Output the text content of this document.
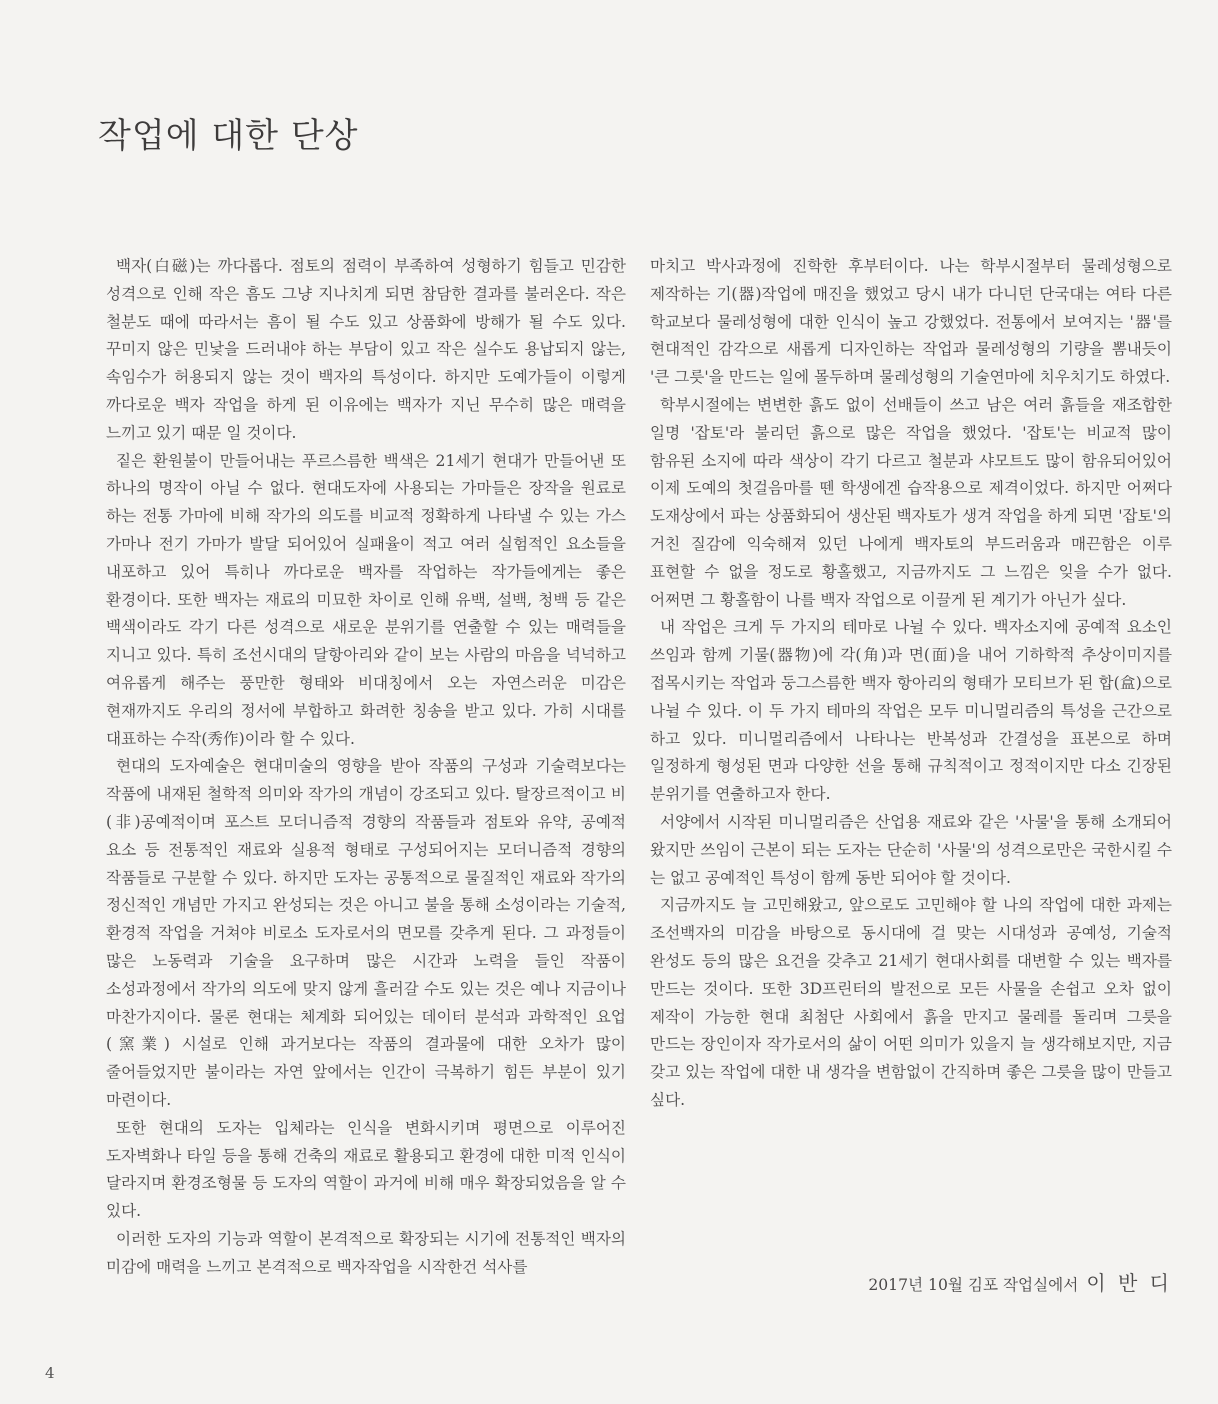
작업에 대한 단상

백자(白磁)는 까다롭다. 점토의 점력이 부족하여 성형하기 힘들고 민감한 성격으로 인해 작은 흠도 그냥 지나치게 되면 참담한 결과를 불러온다. 작은 철분도 때에 따라서는 흠이 될 수도 있고 상품화에 방해가 될 수도 있다. 꾸미지 않은 민낯을 드러내야 하는 부담이 있고 작은 실수도 용납되지 않는, 속임수가 허용되지 않는 것이 백자의 특성이다. 하지만 도예가들이 이렇게 까다로운 백자 작업을 하게 된 이유에는 백자가 지닌 무수히 많은 매력을 느끼고 있기 때문 일 것이다.

짙은 환원불이 만들어내는 푸르스름한 백색은 21세기 현대가 만들어낸 또 하나의 명작이 아닐 수 없다. 현대도자에 사용되는 가마들은 장작을 원료로 하는 전통 가마에 비해 작가의 의도를 비교적 정확하게 나타낼 수 있는 가스 가마나 전기 가마가 발달 되어있어 실패율이 적고 여러 실험적인 요소들을 내포하고 있어 특히나 까다로운 백자를 작업하는 작가들에게는 좋은 환경이다. 또한 백자는 재료의 미묘한 차이로 인해 유백, 설백, 청백 등 같은 백색이라도 각기 다른 성격으로 새로운 분위기를 연출할 수 있는 매력들을 지니고 있다. 특히 조선시대의 달항아리와 같이 보는 사람의 마음을 넉넉하고 여유롭게 해주는 풍만한 형태와 비대칭에서 오는 자연스러운 미감은 현재까지도 우리의 정서에 부합하고 화려한 칭송을 받고 있다. 가히 시대를 대표하는 수작(秀作)이라 할 수 있다.

현대의 도자예술은 현대미술의 영향을 받아 작품의 구성과 기술력보다는 작품에 내재된 철학적 의미와 작가의 개념이 강조되고 있다. 탈장르적이고 비(非)공예적이며 포스트 모더니즘적 경향의 작품들과 점토와 유약, 공예적 요소 등 전통적인 재료와 실용적 형태로 구성되어지는 모더니즘적 경향의 작품들로 구분할 수 있다. 하지만 도자는 공통적으로 물질적인 재료와 작가의 정신적인 개념만 가지고 완성되는 것은 아니고 불을 통해 소성이라는 기술적, 환경적 작업을 거쳐야 비로소 도자로서의 면모를 갖추게 된다. 그 과정들이 많은 노동력과 기술을 요구하며 많은 시간과 노력을 들인 작품이 소성과정에서 작가의 의도에 맞지 않게 흘러갈 수도 있는 것은 예나 지금이나 마찬가지이다. 물론 현대는 체계화 되어있는 데이터 분석과 과학적인 요업(窯業) 시설로 인해 과거보다는 작품의 결과물에 대한 오차가 많이 줄어들었지만 불이라는 자연 앞에서는 인간이 극복하기 힘든 부분이 있기 마련이다.

또한 현대의 도자는 입체라는 인식을 변화시키며 평면으로 이루어진 도자벽화나 타일 등을 통해 건축의 재료로 활용되고 환경에 대한 미적 인식이 달라지며 환경조형물 등 도자의 역할이 과거에 비해 매우 확장되었음을 알 수 있다.

이러한 도자의 기능과 역할이 본격적으로 확장되는 시기에 전통적인 백자의 미감에 매력을 느끼고 본격적으로 백자작업을 시작한건 석사를

마치고 박사과정에 진학한 후부터이다. 나는 학부시절부터 물레성형으로 제작하는 기(器)작업에 매진을 했었고 당시 내가 다니던 단국대는 여타 다른 학교보다 물레성형에 대한 인식이 높고 강했었다. 전통에서 보여지는 '器'를 현대적인 감각으로 새롭게 디자인하는 작업과 물레성형의 기량을 뽐내듯이 '큰 그릇'을 만드는 일에 몰두하며 물레성형의 기술연마에 치우치기도 하였다.

학부시절에는 변변한 흙도 없이 선배들이 쓰고 남은 여러 흙들을 재조합한 일명 '잡토'라 불리던 흙으로 많은 작업을 했었다. '잡토'는 비교적 많이 함유된 소지에 따라 색상이 각기 다르고 철분과 샤모트도 많이 함유되어있어 이제 도예의 첫걸음마를 뗀 학생에겐 습작용으로 제격이었다. 하지만 어쩌다 도재상에서 파는 상품화되어 생산된 백자토가 생겨 작업을 하게 되면 '잡토'의 거친 질감에 익숙해져 있던 나에게 백자토의 부드러움과 매끈함은 이루 표현할 수 없을 정도로 황홀했고, 지금까지도 그 느낌은 잊을 수가 없다. 어쩌면 그 황홀함이 나를 백자 작업으로 이끌게 된 계기가 아닌가 싶다.

내 작업은 크게 두 가지의 테마로 나뉠 수 있다. 백자소지에 공예적 요소인 쓰임과 함께 기물(器物)에 각(角)과 면(面)을 내어 기하학적 추상이미지를 접목시키는 작업과 둥그스름한 백자 항아리의 형태가 모티브가 된 합(盒)으로 나뉠 수 있다. 이 두 가지 테마의 작업은 모두 미니멀리즘의 특성을 근간으로 하고 있다. 미니멀리즘에서 나타나는 반복성과 간결성을 표본으로 하며 일정하게 형성된 면과 다양한 선을 통해 규칙적이고 정적이지만 다소 긴장된 분위기를 연출하고자 한다.

서양에서 시작된 미니멀리즘은 산업용 재료와 같은 '사물'을 통해 소개되어 왔지만 쓰임이 근본이 되는 도자는 단순히 '사물'의 성격으로만은 국한시킬 수 는 없고 공예적인 특성이 함께 동반 되어야 할 것이다.

지금까지도 늘 고민해왔고, 앞으로도 고민해야 할 나의 작업에 대한 과제는 조선백자의 미감을 바탕으로 동시대에 걸 맞는 시대성과 공예성, 기술적 완성도 등의 많은 요건을 갖추고 21세기 현대사회를 대변할 수 있는 백자를 만드는 것이다. 또한 3D프린터의 발전으로 모든 사물을 손쉽고 오차 없이 제작이 가능한 현대 최첨단 사회에서 흙을 만지고 물레를 돌리며 그릇을 만드는 장인이자 작가로서의 삶이 어떤 의미가 있을지 늘 생각해보지만, 지금 갖고 있는 작업에 대한 내 생각을 변함없이 간직하며 좋은 그릇을 많이 만들고 싶다.

2017년 10월 김포 작업실에서 이 반 디
4
